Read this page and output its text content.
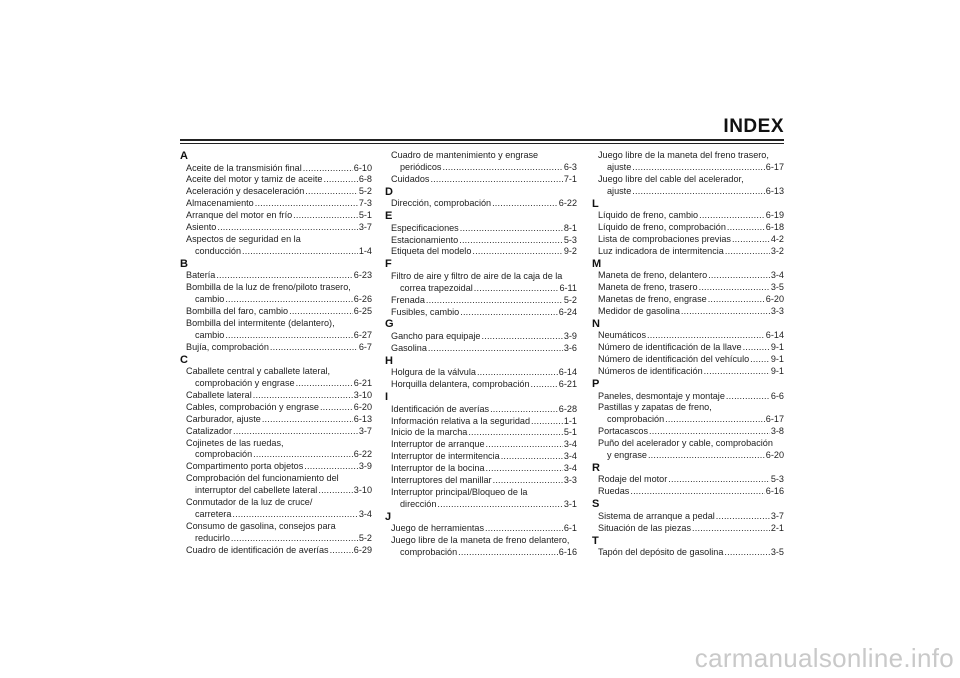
INDEX
A
Aceite de la transmisión final .....	6-10
Aceite del motor y tamiz de aceite .....	6-8
Aceleración y desaceleración .....	5-2
Almacenamiento .....	7-3
Arranque del motor en frío .....	5-1
Asiento .....	3-7
Aspectos de seguridad en la
conducción .....	1-4
B
Batería .....	6-23
Bombilla de la luz de freno/piloto trasero,
cambio .....	6-26
Bombilla del faro, cambio .....	6-25
Bombilla del intermitente (delantero),
cambio .....	6-27
Bujía, comprobación .....	6-7
C
Caballete central y caballete lateral,
comprobación y engrase .....	6-21
Caballete lateral .....	3-10
Cables, comprobación y engrase .....	6-20
Carburador, ajuste .....	6-13
Catalizador .....	3-7
Cojinetes de las ruedas,
comprobación .....	6-22
Compartimento porta objetos .....	3-9
Comprobación del funcionamiento del
interruptor del cabellete lateral .....	3-10
Conmutador de la luz de cruce/
carretera .....	3-4
Consumo de gasolina, consejos para
reducirlo .....	5-2
Cuadro de identificación de averías .....	6-29
Cuadro de mantenimiento y engrase
periódicos .....	6-3
Cuidados .....	7-1
D
Dirección, comprobación .....	6-22
E
Especificaciones .....	8-1
Estacionamiento .....	5-3
Etiqueta del modelo .....	9-2
F
Filtro de aire y filtro de aire de la caja de la
correa trapezoidal .....	6-11
Frenada .....	5-2
Fusibles, cambio .....	6-24
G
Gancho para equipaje .....	3-9
Gasolina .....	3-6
H
Holgura de la válvula .....	6-14
Horquilla delantera, comprobación .....	6-21
I
Identificación de averías .....	6-28
Información relativa a la seguridad .....	1-1
Inicio de la marcha .....	5-1
Interruptor de arranque .....	3-4
Interruptor de intermitencia .....	3-4
Interruptor de la bocina .....	3-4
Interruptores del manillar .....	3-3
Interruptor principal/Bloqueo de la
dirección .....	3-1
J
Juego de herramientas .....	6-1
Juego libre de la maneta de freno delantero,
comprobación .....	6-16
Juego libre de la maneta del freno trasero,
ajuste .....	6-17
Juego libre del cable del acelerador,
ajuste .....	6-13
L
Líquido de freno, cambio .....	6-19
Líquido de freno, comprobación .....	6-18
Lista de comprobaciones previas .....	4-2
Luz indicadora de intermitencia .....	3-2
M
Maneta de freno, delantero .....	3-4
Maneta de freno, trasero .....	3-5
Manetas de freno, engrase .....	6-20
Medidor de gasolina .....	3-3
N
Neumáticos .....	6-14
Número de identificación de la llave .....	9-1
Número de identificación del vehículo ..... 9-1
Números de identificación .....	9-1
P
Paneles, desmontaje y montaje .....	6-6
Pastillas y zapatas de freno,
comprobación .....	6-17
Portacascos .....	3-8
Puño del acelerador y cable, comprobación
y engrase .....	6-20
R
Rodaje del motor .....	5-3
Ruedas .....	6-16
S
Sistema de arranque a pedal .....	3-7
Situación de las piezas .....	2-1
T
Tapón del depósito de gasolina .....	3-5
carmanualsonline.info
